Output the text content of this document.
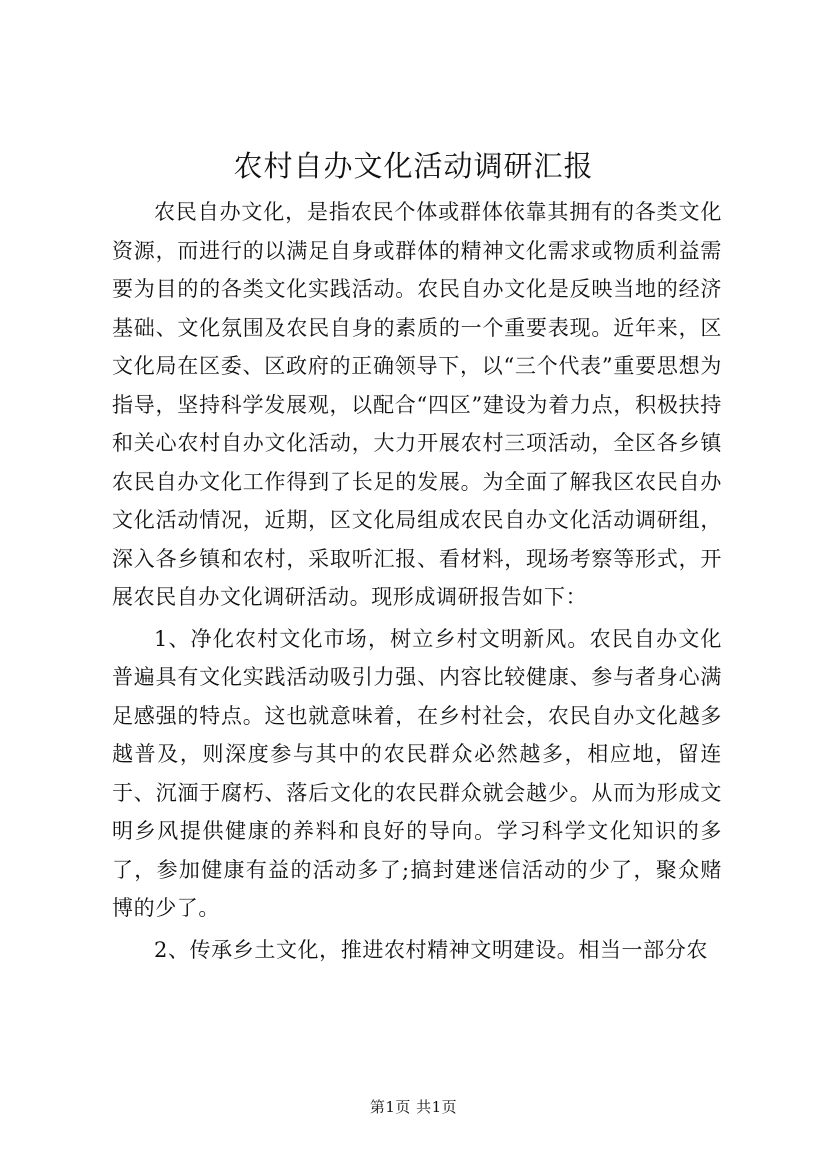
农村自办文化活动调研汇报

农民自办文化，是指农民个体或群体依靠其拥有的各类文化资源，而进行的以满足自身或群体的精神文化需求或物质利益需要为目的的各类文化实践活动。农民自办文化是反映当地的经济基础、文化氛围及农民自身的素质的一个重要表现。近年来，区文化局在区委、区政府的正确领导下，以“三个代表”重要思想为指导，坚持科学发展观，以配合“四区”建设为着力点，积极扶持和关心农村自办文化活动，大力开展农村三项活动，全区各乡镇农民自办文化工作得到了长足的发展。为全面了解我区农民自办文化活动情况，近期，区文化局组成农民自办文化活动调研组，深入各乡镇和农村，采取听汇报、看材料，现场考察等形式，开展农民自办文化调研活动。现形成调研报告如下：

1、净化农村文化市场，树立乡村文明新风。农民自办文化普遍具有文化实践活动吸引力强、内容比较健康、参与者身心满足感强的特点。这也就意味着，在乡村社会，农民自办文化越多越普及，则深度参与其中的农民群众必然越多，相应地，留连于、沉湎于腐朽、落后文化的农民群众就会越少。从而为形成文明乡风提供健康的养料和良好的导向。学习科学文化知识的多了，参加健康有益的活动多了;搞封建迷信活动的少了，聚众赌博的少了。

2、传承乡土文化，推进农村精神文明建设。相当一部分农

第1页 共1页
